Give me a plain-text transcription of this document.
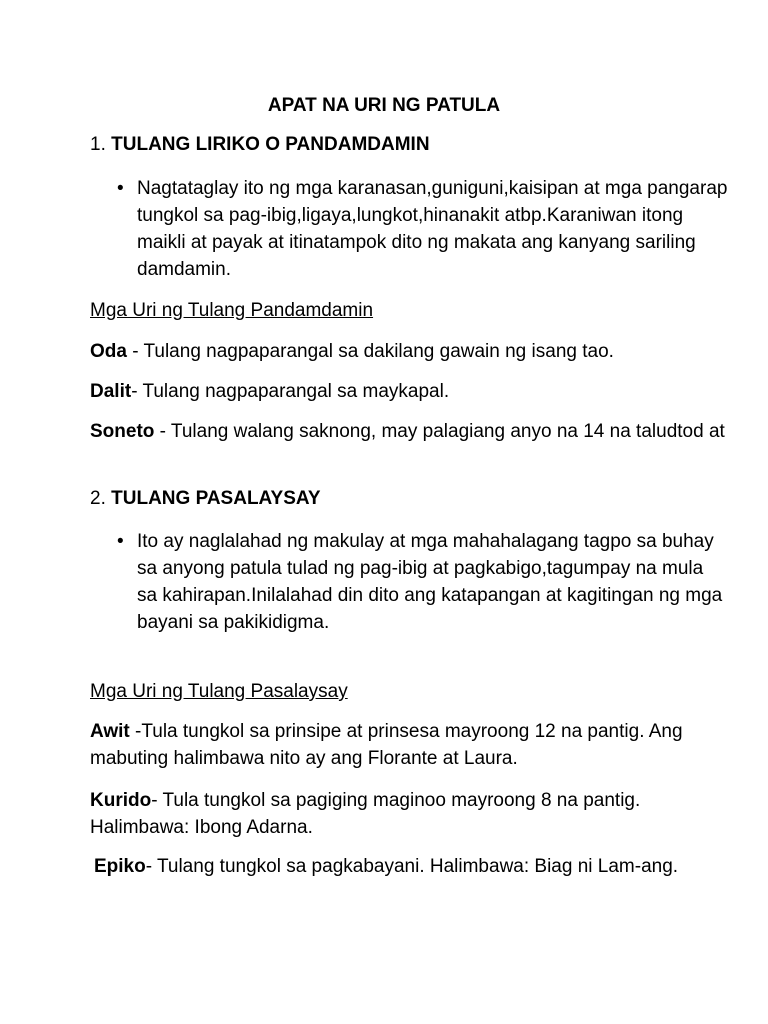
APAT NA URI NG PATULA

1. TULANG LIRIKO O PANDAMDAMIN

• Nagtataglay ito ng mga karanasan,guniguni,kaisipan at mga pangarap tungkol sa pag-ibig,ligaya,lungkot,hinanakit atbp.Karaniwan itong maikli at payak at itinatampok dito ng makata ang kanyang sariling damdamin.

Mga Uri ng Tulang Pandamdamin

Oda - Tulang nagpaparangal sa dakilang gawain ng isang tao.

Dalit- Tulang nagpaparangal sa maykapal.

Soneto - Tulang walang saknong, may palagiang anyo na 14 na taludtod at

2. TULANG PASALAYSAY

• Ito ay naglalahad ng makulay at mga mahahalagang tagpo sa buhay sa anyong patula tulad ng pag-ibig at pagkabigo,tagumpay na mula sa kahirapan.Inilalahad din dito ang katapangan at kagitingan ng mga bayani sa pakikidigma.

Mga Uri ng Tulang Pasalaysay

Awit -Tula tungkol sa prinsipe at prinsesa mayroong 12 na pantig. Ang mabuting halimbawa nito ay ang Florante at Laura.

Kurido- Tula tungkol sa pagiging maginoo mayroong 8 na pantig. Halimbawa: Ibong Adarna.

Epiko- Tulang tungkol sa pagkabayani. Halimbawa: Biag ni Lam-ang.
